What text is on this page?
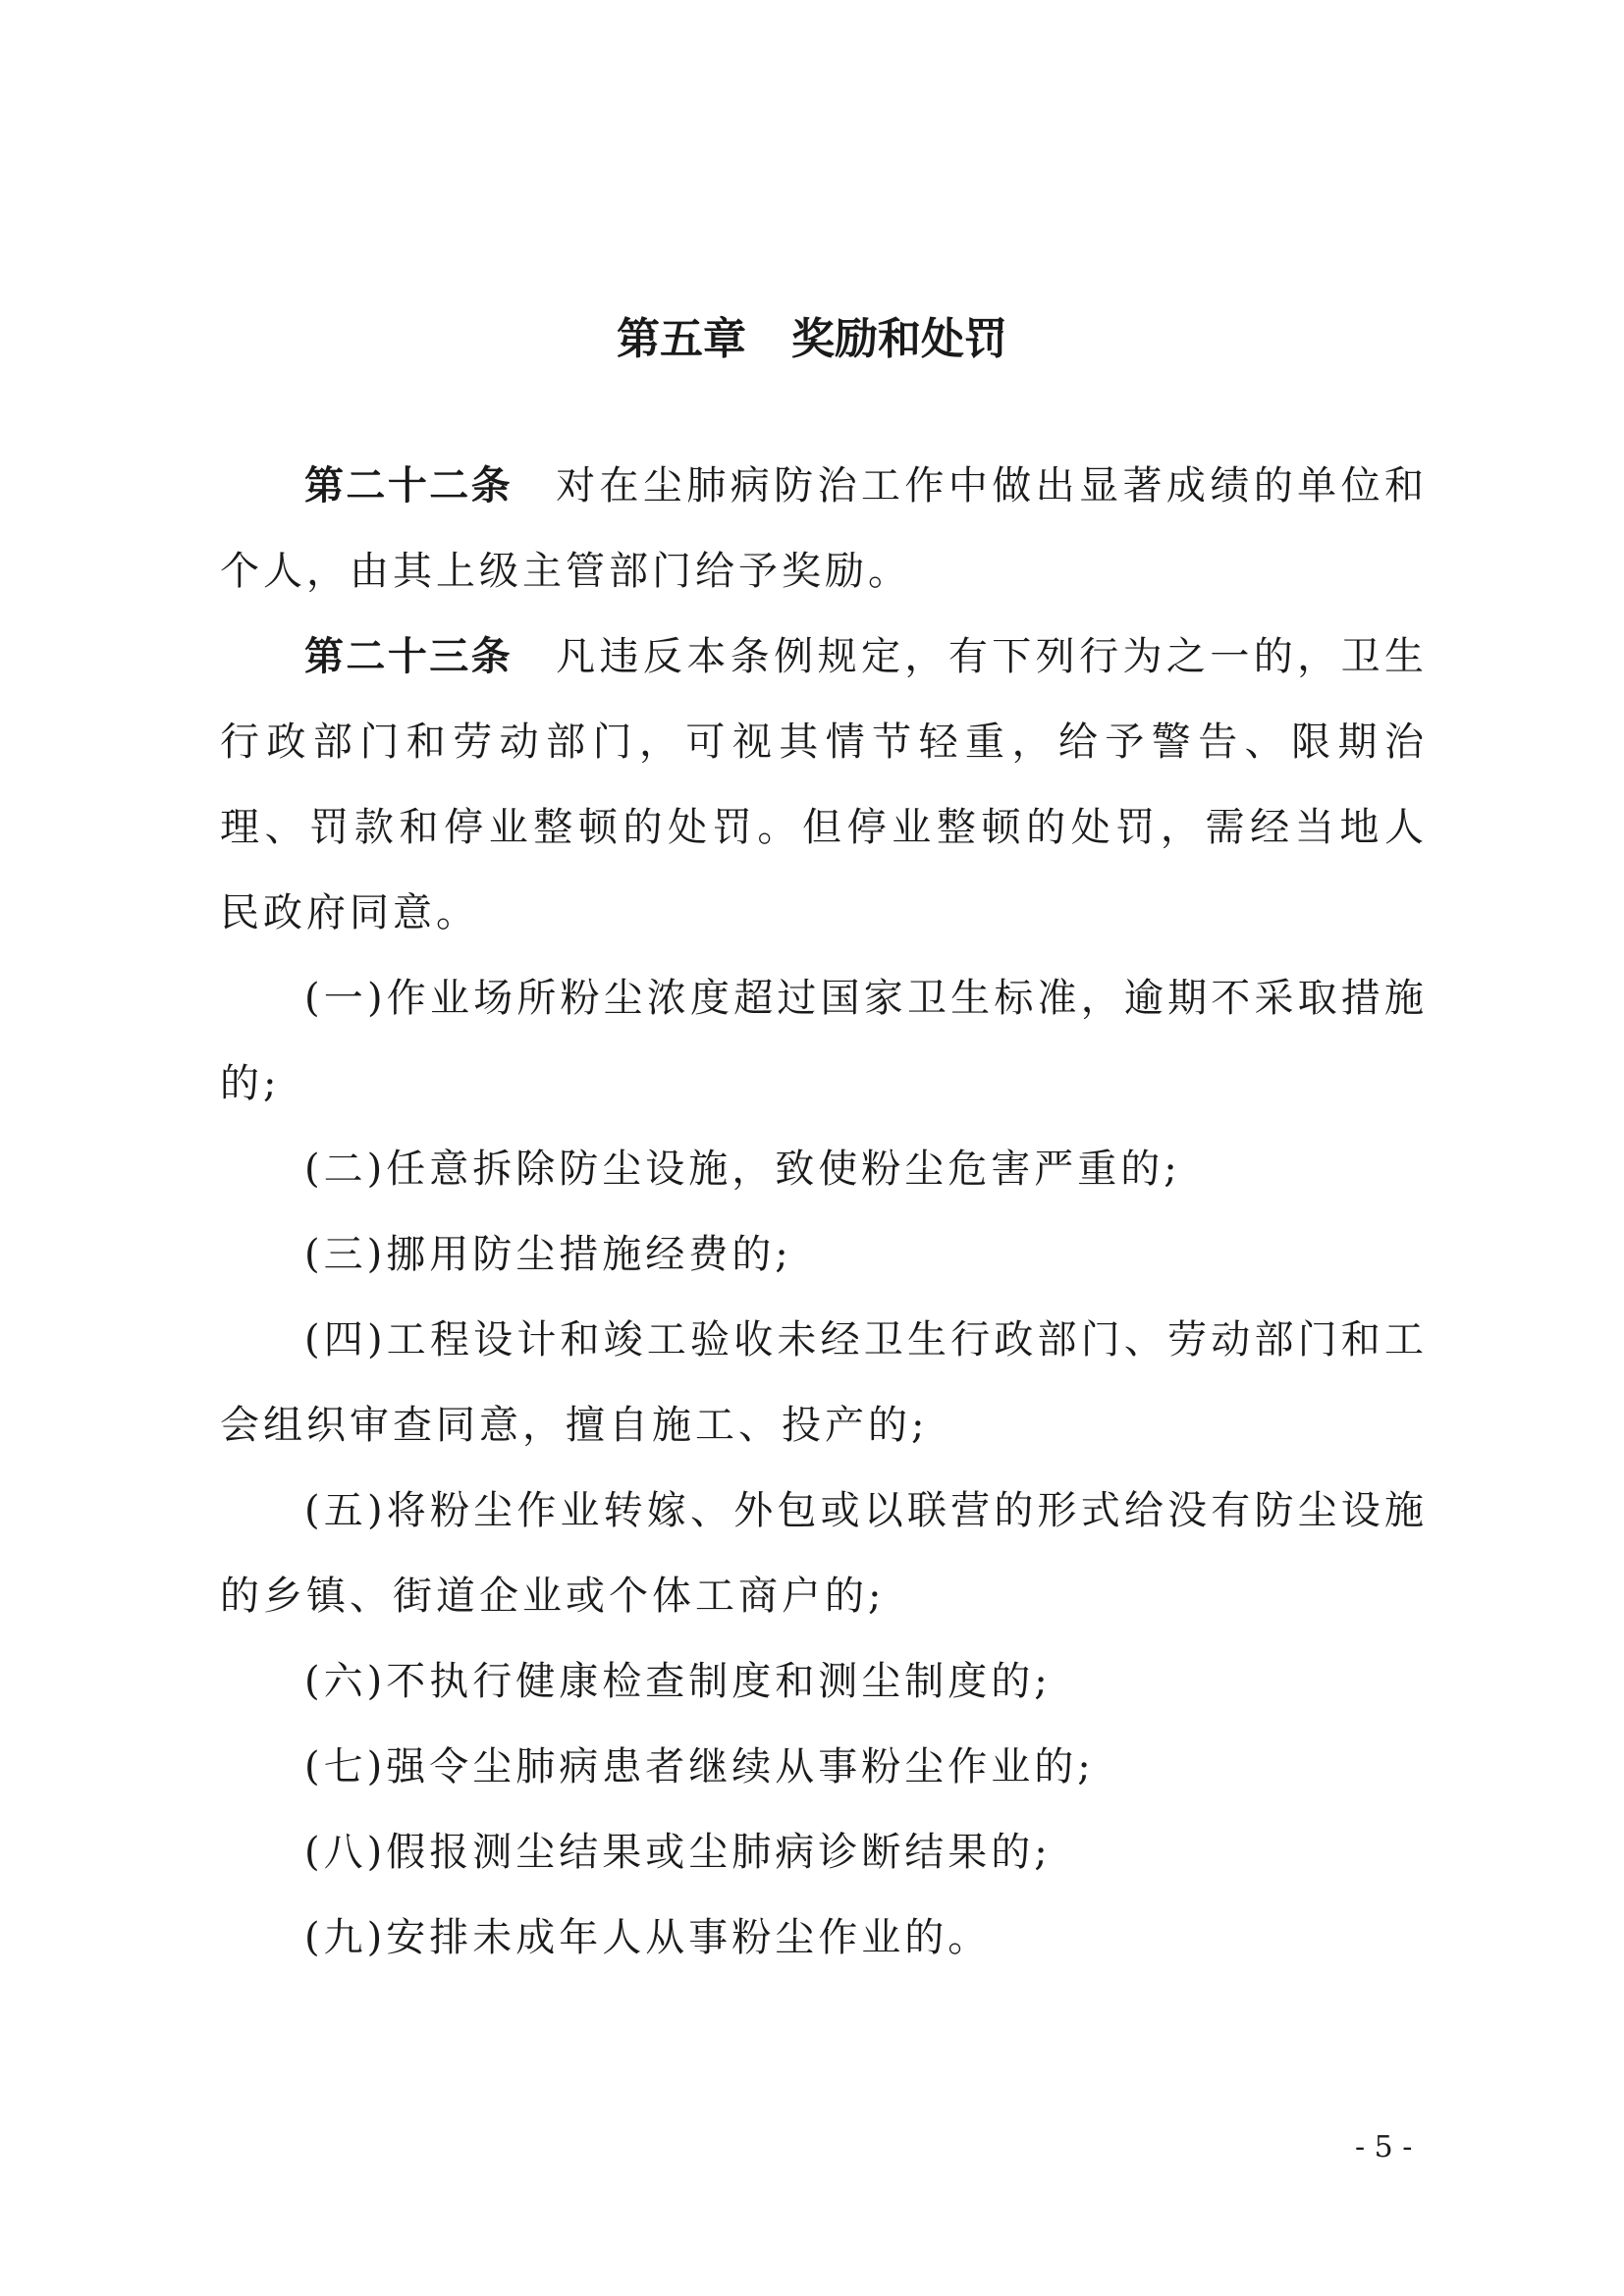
第五章   奖励和处罚

第二十二条 对在尘肺病防治工作中做出显著成绩的单位和个人，由其上级主管部门给予奖励。

第二十三条 凡违反本条例规定，有下列行为之一的，卫生行政部门和劳动部门，可视其情节轻重，给予警告、限期治理、罚款和停业整顿的处罚。但停业整顿的处罚，需经当地人民政府同意。

(一)作业场所粉尘浓度超过国家卫生标准，逾期不采取措施的;

(二)任意拆除防尘设施，致使粉尘危害严重的;

(三)挪用防尘措施经费的;

(四)工程设计和竣工验收未经卫生行政部门、劳动部门和工会组织审查同意，擅自施工、投产的;

(五)将粉尘作业转嫁、外包或以联营的形式给没有防尘设施的乡镇、街道企业或个体工商户的;

(六)不执行健康检查制度和测尘制度的;

(七)强令尘肺病患者继续从事粉尘作业的;

(八)假报测尘结果或尘肺病诊断结果的;

(九)安排未成年人从事粉尘作业的。

- 5 -
